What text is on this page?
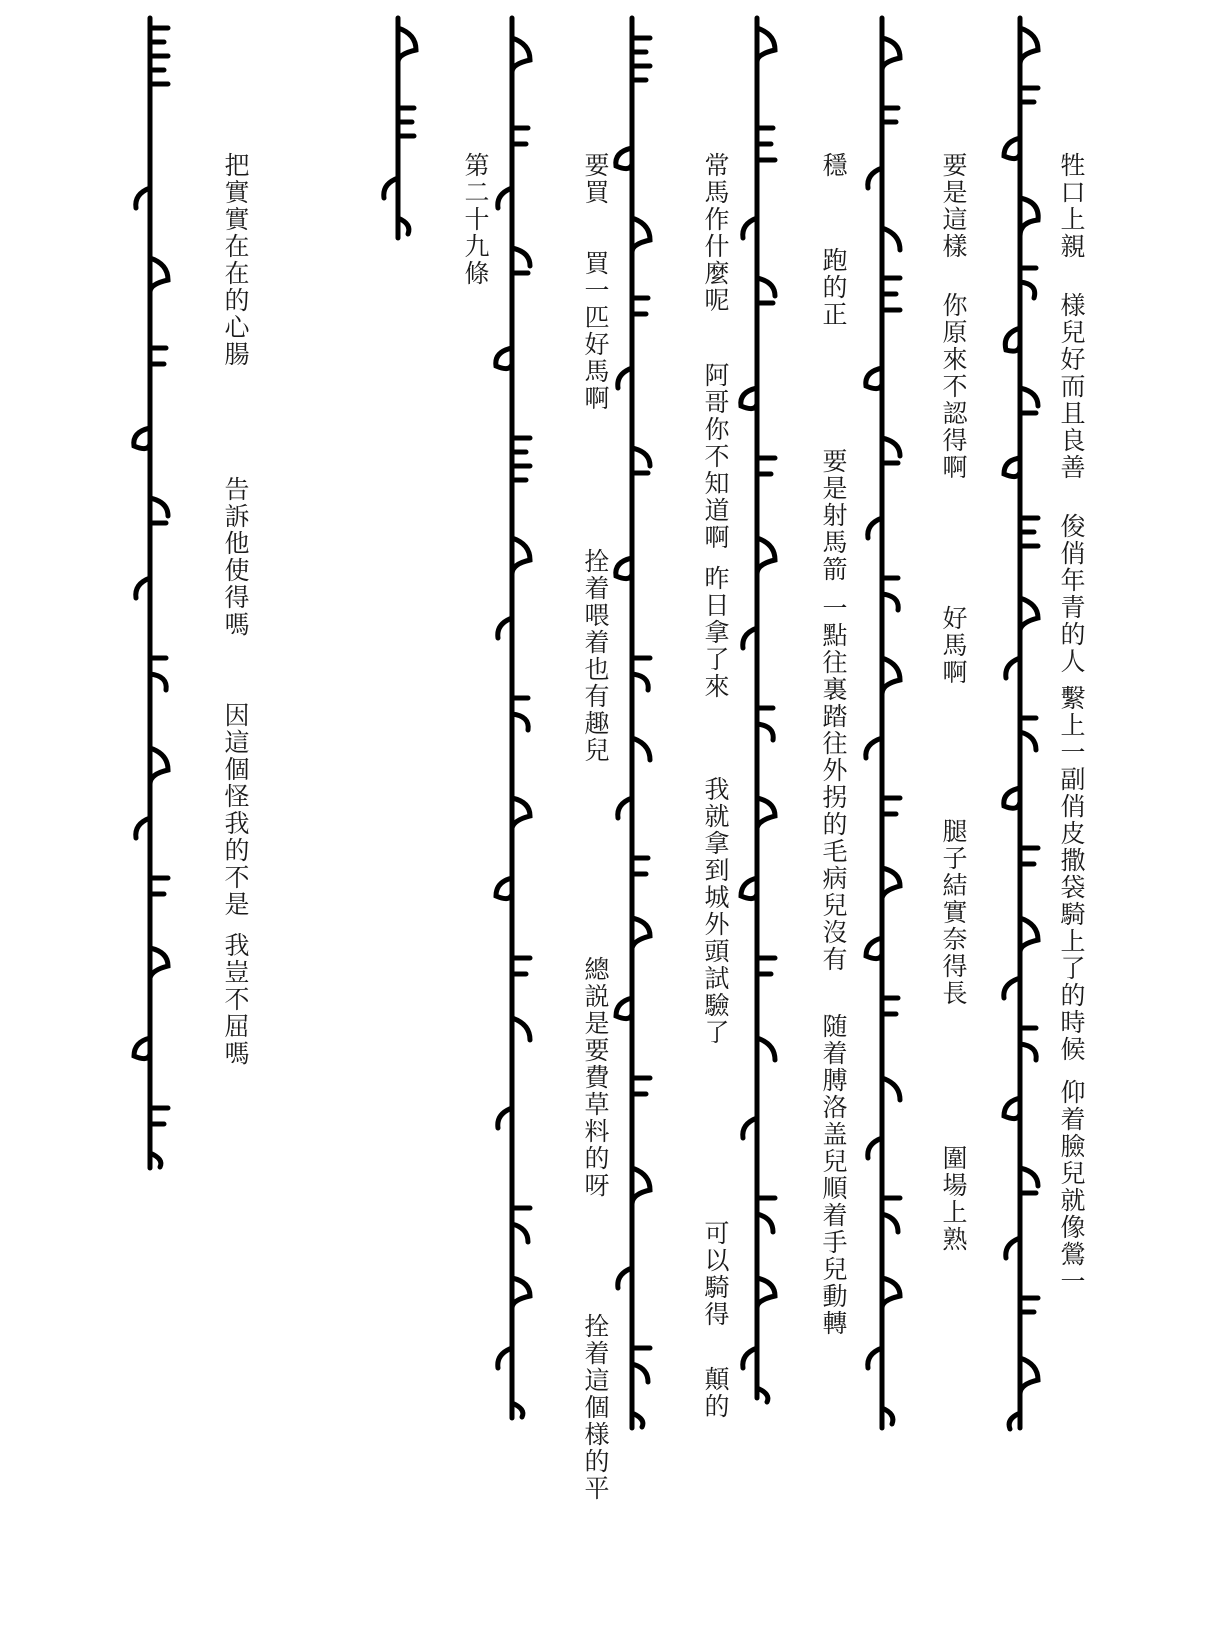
牲口上親様兒好而且良善俊俏年青的人繫上一副俏皮撒袋騎上了的時候仰着臉兒就像鶯一

要是這樣你原來不認得啊好馬啊腿子結實奈得長圍場上熟

穩跑的正要是射馬箭一點往裏踏往外拐的毛病兒沒有随着膊洛盖兒順着手兒動轉

常馬作什麼呢阿哥你不知道啊昨日拿了來我就拿到城外頭試驗了可以騎得顛的

要買買一匹好馬啊拴着喂着也有趣兒總説是要費草料的呀拴着這個様的平

第二十九條

把實實在在的心腸告訴他使得嗎因這個怪我的不是我豈不屈嗎
